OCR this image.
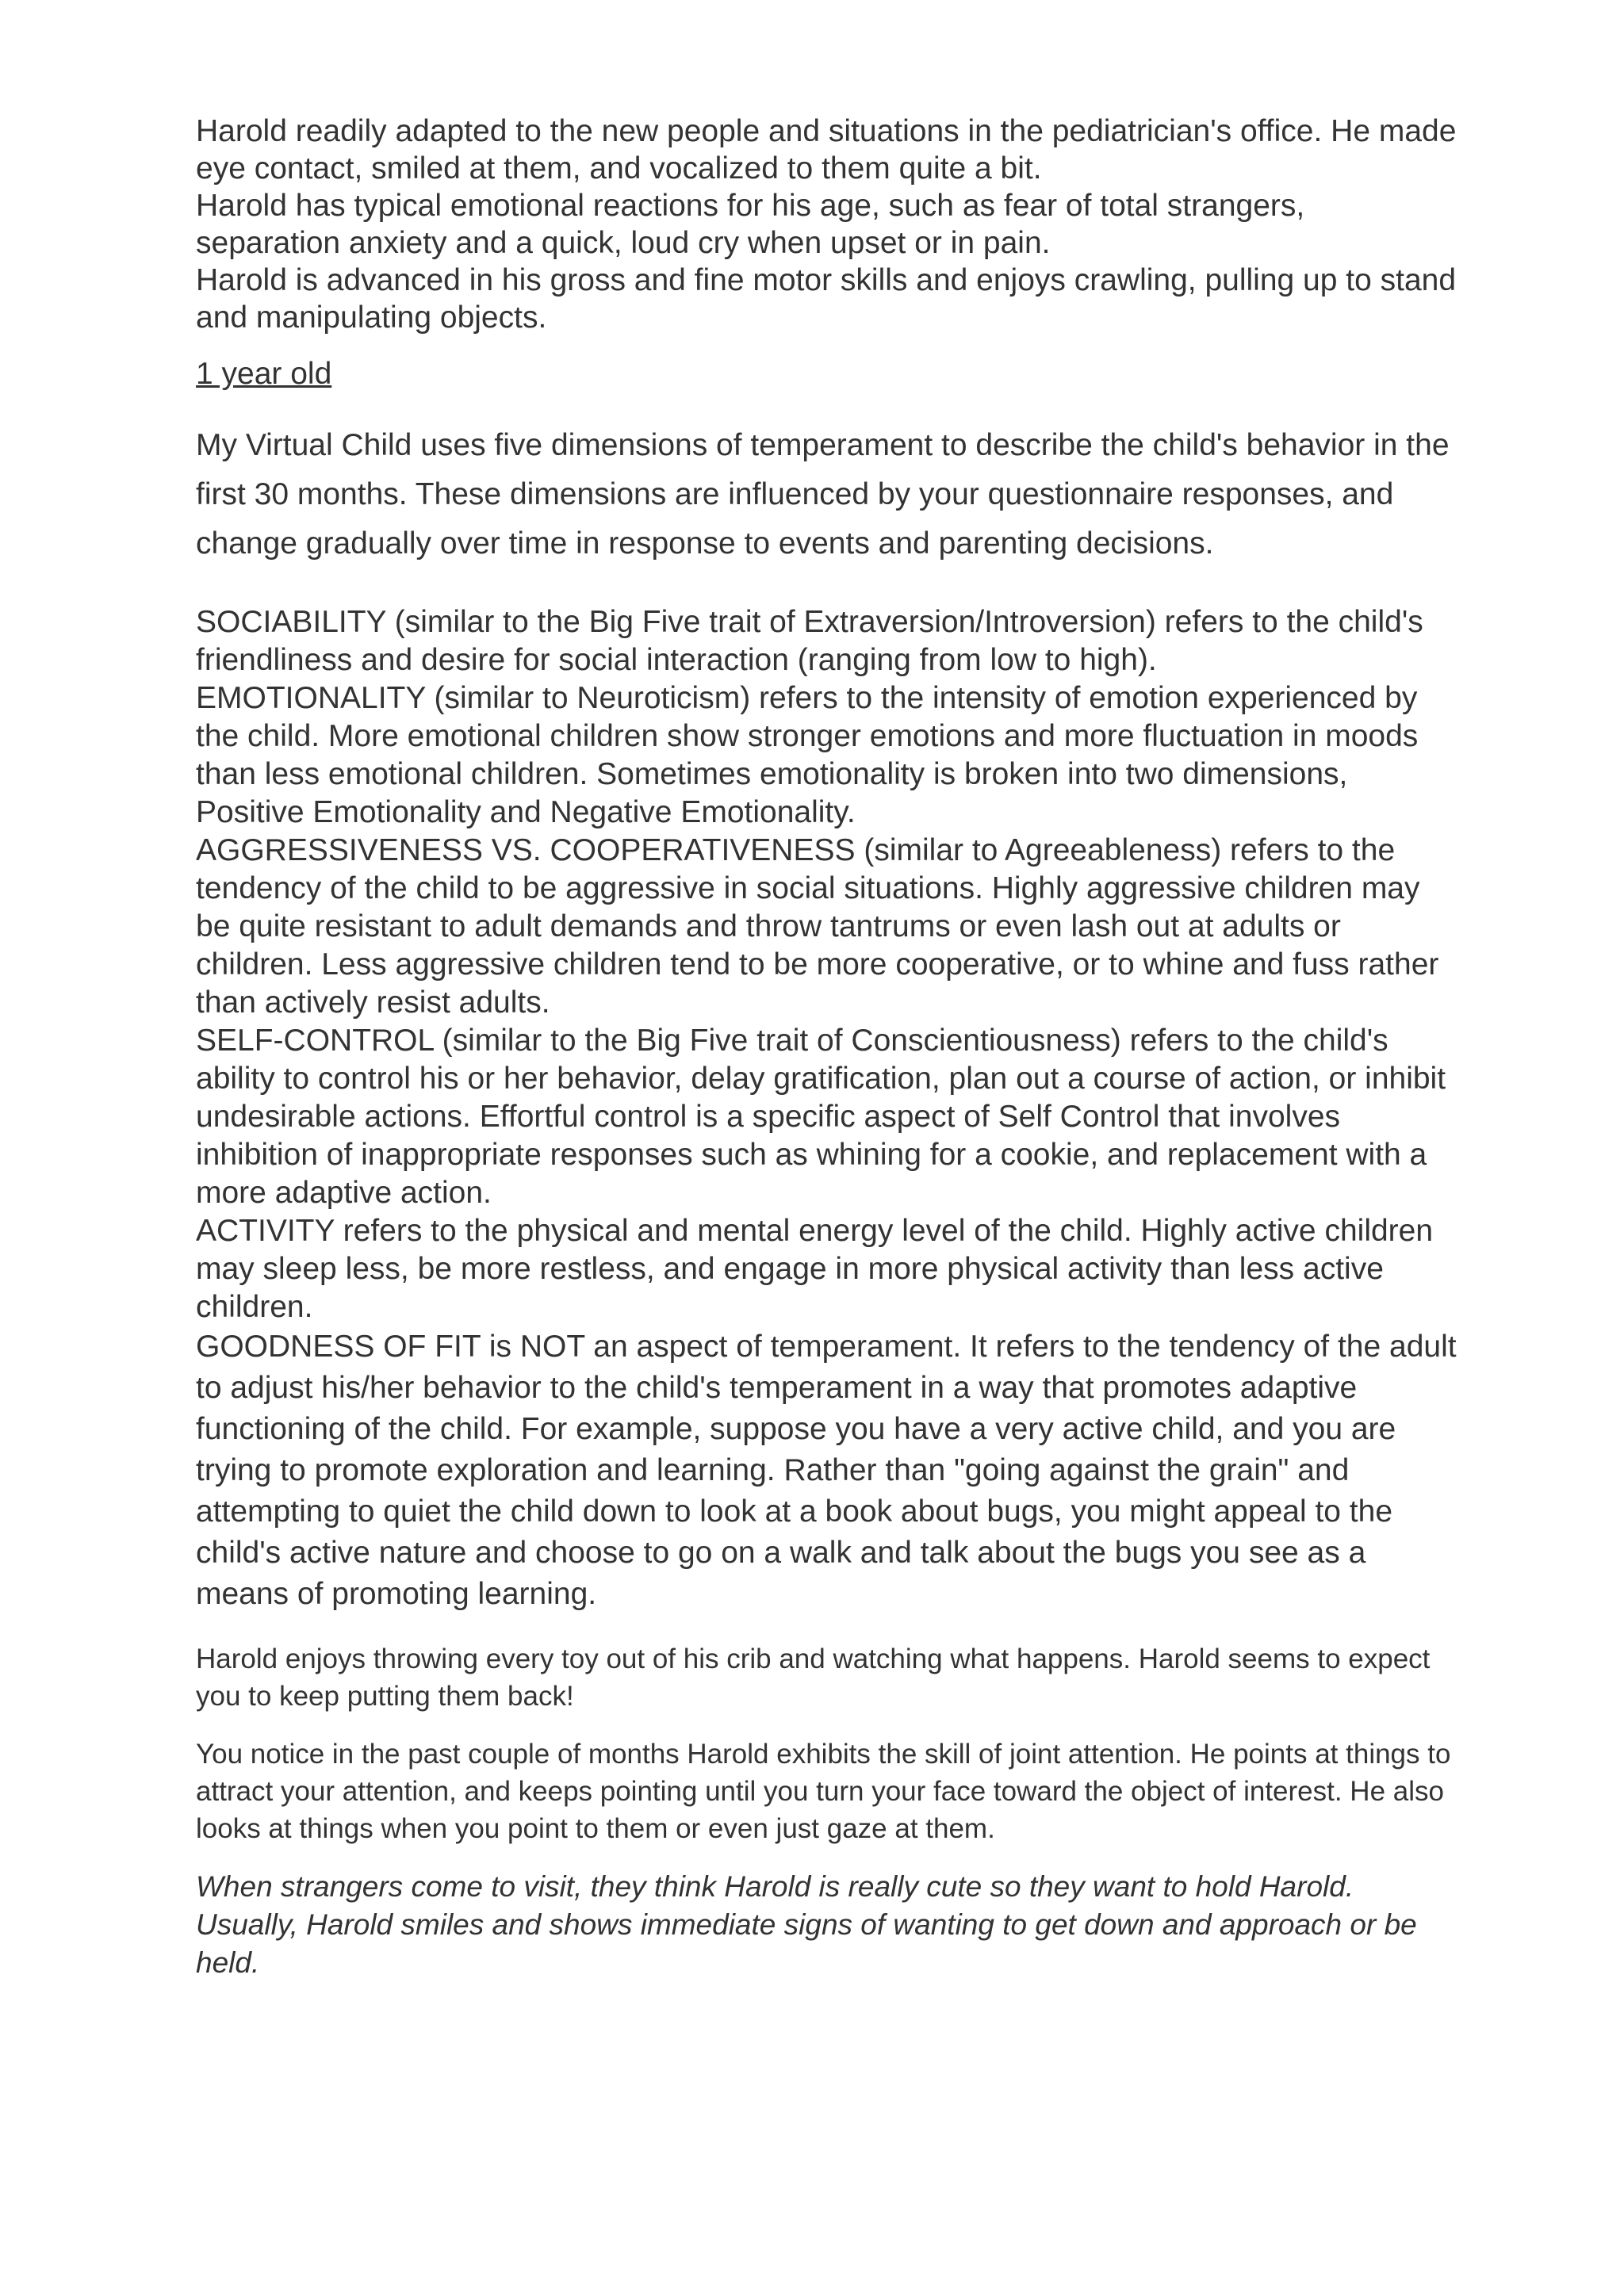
Harold readily adapted to the new people and situations in the pediatrician's office. He made eye contact, smiled at them, and vocalized to them quite a bit.
Harold has typical emotional reactions for his age, such as fear of total strangers, separation anxiety and a quick, loud cry when upset or in pain.
Harold is advanced in his gross and fine motor skills and enjoys crawling, pulling up to stand and manipulating objects.

1 year old

My Virtual Child uses five dimensions of temperament to describe the child's behavior in the first 30 months. These dimensions are influenced by your questionnaire responses, and change gradually over time in response to events and parenting decisions.

SOCIABILITY (similar to the Big Five trait of Extraversion/Introversion) refers to the child's friendliness and desire for social interaction (ranging from low to high).
EMOTIONALITY (similar to Neuroticism) refers to the intensity of emotion experienced by the child. More emotional children show stronger emotions and more fluctuation in moods than less emotional children. Sometimes emotionality is broken into two dimensions, Positive Emotionality and Negative Emotionality.
AGGRESSIVENESS VS. COOPERATIVENESS (similar to Agreeableness) refers to the tendency of the child to be aggressive in social situations. Highly aggressive children may be quite resistant to adult demands and throw tantrums or even lash out at adults or children. Less aggressive children tend to be more cooperative, or to whine and fuss rather than actively resist adults.
SELF-CONTROL (similar to the Big Five trait of Conscientiousness) refers to the child's ability to control his or her behavior, delay gratification, plan out a course of action, or inhibit undesirable actions. Effortful control is a specific aspect of Self Control that involves inhibition of inappropriate responses such as whining for a cookie, and replacement with a more adaptive action.
ACTIVITY refers to the physical and mental energy level of the child. Highly active children may sleep less, be more restless, and engage in more physical activity than less active children.

GOODNESS OF FIT is NOT an aspect of temperament. It refers to the tendency of the adult to adjust his/her behavior to the child's temperament in a way that promotes adaptive functioning of the child. For example, suppose you have a very active child, and you are trying to promote exploration and learning. Rather than "going against the grain" and attempting to quiet the child down to look at a book about bugs, you might appeal to the child's active nature and choose to go on a walk and talk about the bugs you see as a means of promoting learning.

Harold enjoys throwing every toy out of his crib and watching what happens. Harold seems to expect you to keep putting them back!

You notice in the past couple of months Harold exhibits the skill of joint attention. He points at things to attract your attention, and keeps pointing until you turn your face toward the object of interest. He also looks at things when you point to them or even just gaze at them.

When strangers come to visit, they think Harold is really cute so they want to hold Harold. Usually, Harold smiles and shows immediate signs of wanting to get down and approach or be held.
